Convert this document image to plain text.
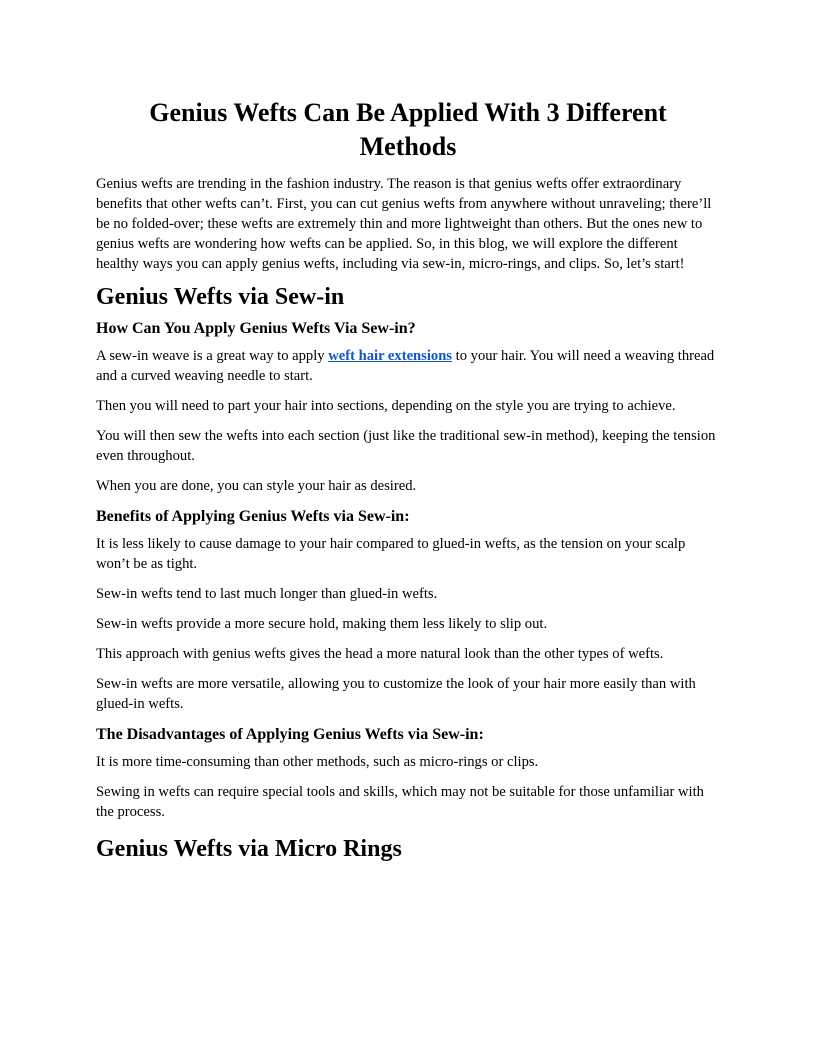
Genius Wefts Can Be Applied With 3 Different Methods

Genius wefts are trending in the fashion industry. The reason is that genius wefts offer extraordinary benefits that other wefts can’t. First, you can cut genius wefts from anywhere without unraveling; there’ll be no folded-over; these wefts are extremely thin and more lightweight than others. But the ones new to genius wefts are wondering how wefts can be applied. So, in this blog, we will explore the different healthy ways you can apply genius wefts, including via sew-in, micro-rings, and clips. So, let’s start!

Genius Wefts via Sew-in
How Can You Apply Genius Wefts Via Sew-in?

A sew-in weave is a great way to apply weft hair extensions to your hair. You will need a weaving thread and a curved weaving needle to start.

Then you will need to part your hair into sections, depending on the style you are trying to achieve.

You will then sew the wefts into each section (just like the traditional sew-in method), keeping the tension even throughout.

When you are done, you can style your hair as desired.

Benefits of Applying Genius Wefts via Sew-in:

It is less likely to cause damage to your hair compared to glued-in wefts, as the tension on your scalp won’t be as tight.

Sew-in wefts tend to last much longer than glued-in wefts.

Sew-in wefts provide a more secure hold, making them less likely to slip out.

This approach with genius wefts gives the head a more natural look than the other types of wefts.

Sew-in wefts are more versatile, allowing you to customize the look of your hair more easily than with glued-in wefts.

The Disadvantages of Applying Genius Wefts via Sew-in:

It is more time-consuming than other methods, such as micro-rings or clips.

Sewing in wefts can require special tools and skills, which may not be suitable for those unfamiliar with the process.

Genius Wefts via Micro Rings
